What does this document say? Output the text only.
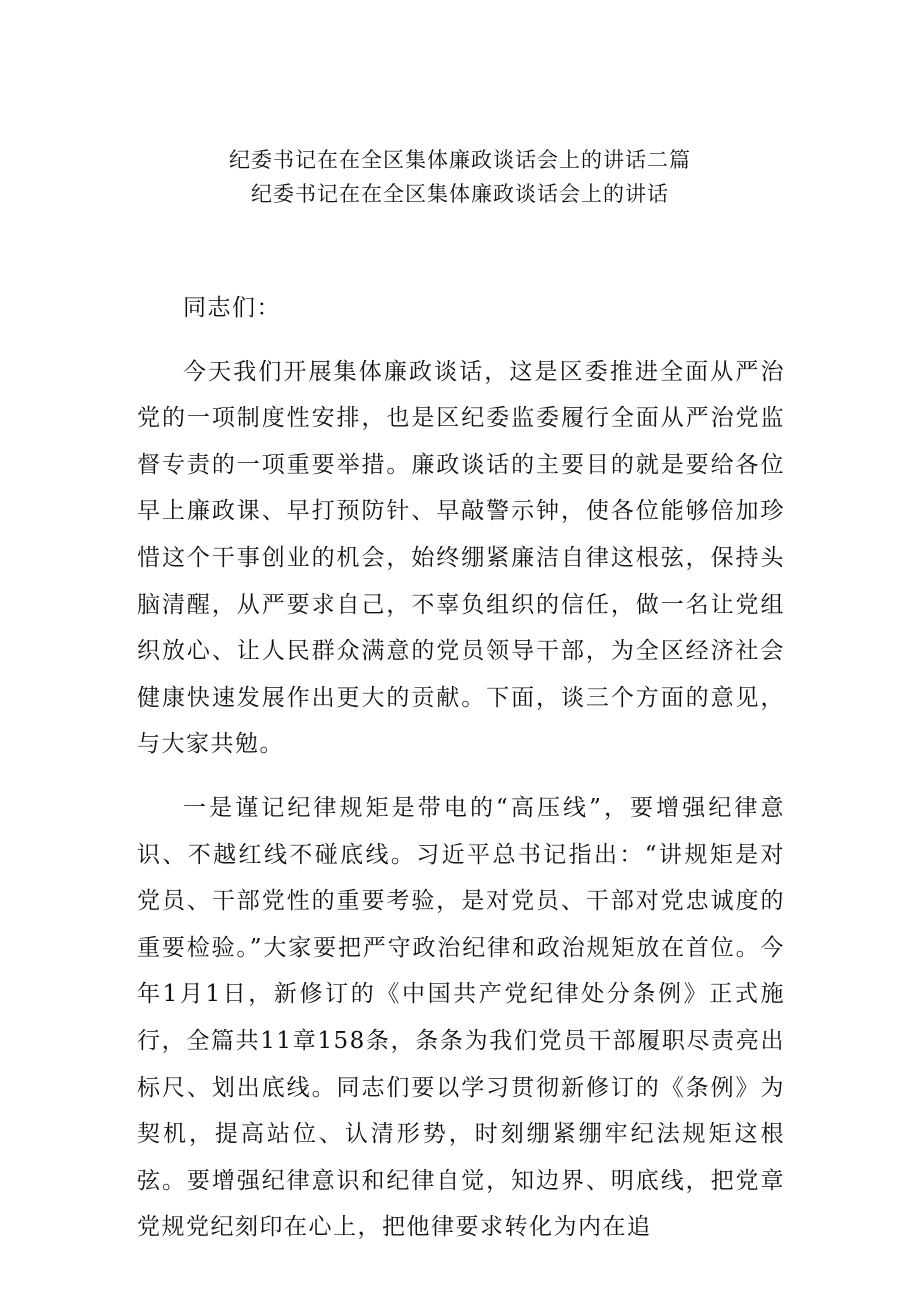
纪委书记在在全区集体廉政谈话会上的讲话二篇
纪委书记在在全区集体廉政谈话会上的讲话

同志们：

今天我们开展集体廉政谈话，这是区委推进全面从严治党的一项制度性安排，也是区纪委监委履行全面从严治党监督专责的一项重要举措。廉政谈话的主要目的就是要给各位早上廉政课、早打预防针、早敲警示钟，使各位能够倍加珍惜这个干事创业的机会，始终绷紧廉洁自律这根弦，保持头脑清醒，从严要求自己，不辜负组织的信任，做一名让党组织放心、让人民群众满意的党员领导干部，为全区经济社会健康快速发展作出更大的贡献。下面，谈三个方面的意见，与大家共勉。

一是谨记纪律规矩是带电的“高压线”，要增强纪律意识、不越红线不碰底线。习近平总书记指出：“讲规矩是对党员、干部党性的重要考验，是对党员、干部对党忠诚度的重要检验。”大家要把严守政治纪律和政治规矩放在首位。今年1月1日，新修订的《中国共产党纪律处分条例》正式施行，全篇共11章158条，条条为我们党员干部履职尽责亮出标尺、划出底线。同志们要以学习贯彻新修订的《条例》为契机，提高站位、认清形势，时刻绷紧绷牢纪法规矩这根弦。要增强纪律意识和纪律自觉，知边界、明底线，把党章党规党纪刻印在心上，把他律要求转化为内在追
